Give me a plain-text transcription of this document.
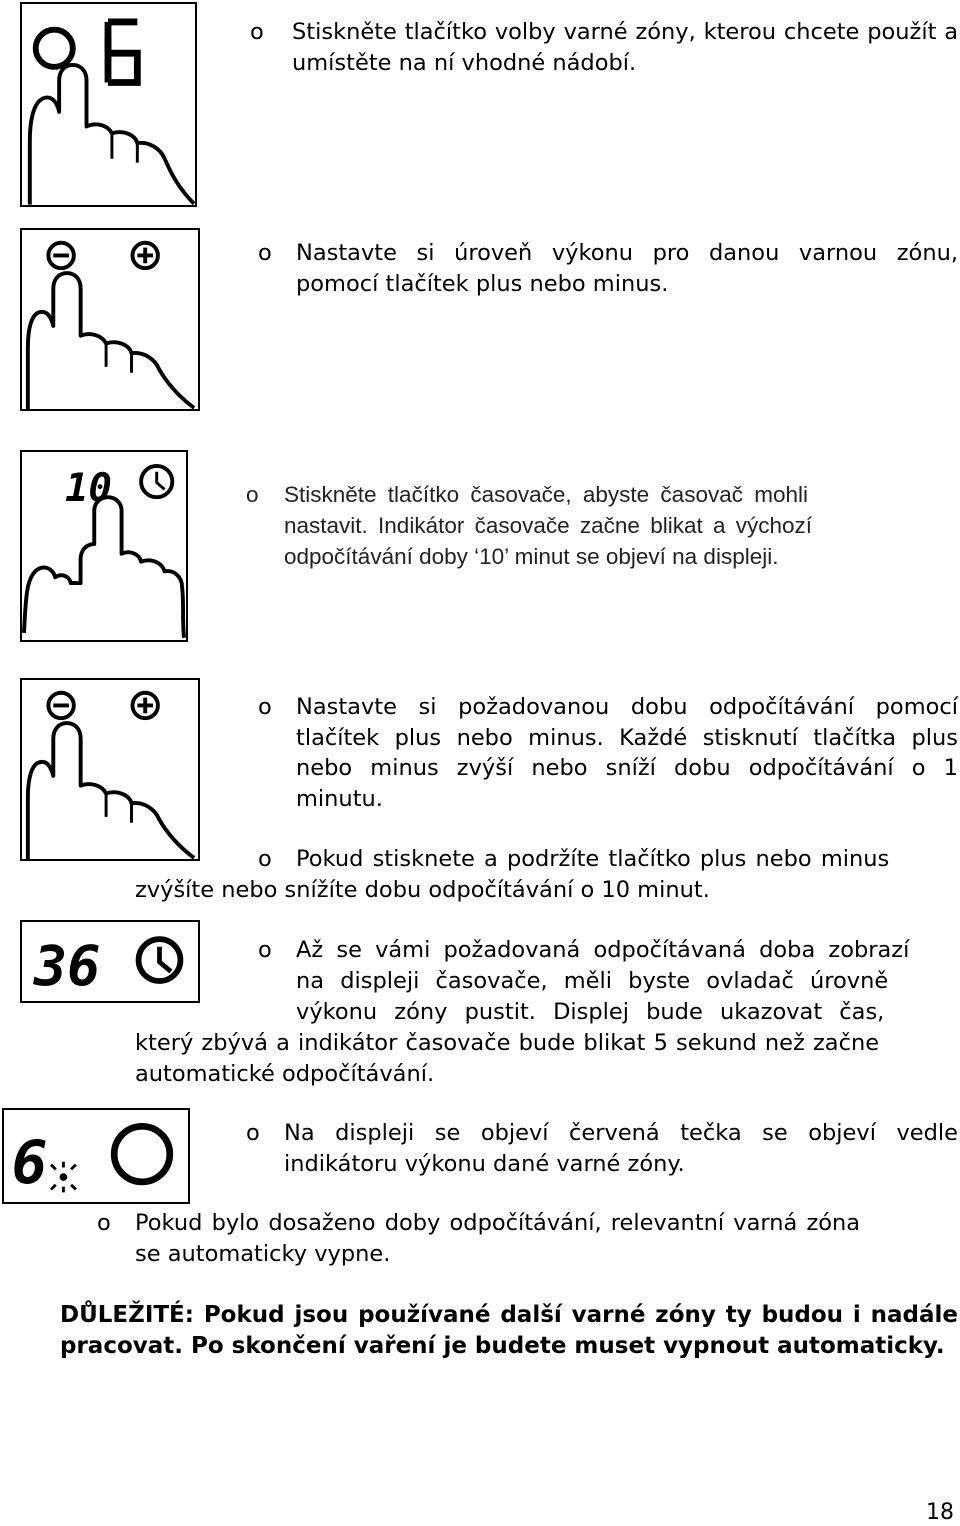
10
36
6
o Stiskněte tlačítko volby varné zóny, kterou chcete použít a umístěte na ní vhodné nádobí.
o Nastavte si úroveň výkonu pro danou varnou zónu, pomocí tlačítek plus nebo minus.
o Stiskněte tlačítko časovače, abyste časovač mohli
nastavit. Indikátor časovače začne blikat a výchozí
odpočítávání doby ‘10’ minut se objeví na displeji.
o Nastavte si požadovanou dobu odpočítávání pomocí tlačítek plus nebo minus. Každé stisknutí tlačítka plus nebo minus zvýší nebo sníží dobu odpočítávání o 1 minutu.
o Pokud stisknete a podržíte tlačítko plus nebo minus
zvýšíte nebo snížíte dobu odpočítávání o 10 minut.
o Až se vámi požadovaná odpočítávaná doba zobrazí
na displeji časovače, měli byste ovladač úrovně
výkonu zóny pustit. Displej bude ukazovat čas,
který zbývá a indikátor časovače bude blikat 5 sekund než začne
automatické odpočítávání.
o Na displeji se objeví červená tečka se objeví vedle indikátoru výkonu dané varné zóny.
o Pokud bylo dosaženo doby odpočítávání, relevantní varná zóna
se automaticky vypne.
DŮLEŽITÉ: Pokud jsou používané další varné zóny ty budou i nadále pracovat. Po skončení vaření je budete muset vypnout automaticky.
18
